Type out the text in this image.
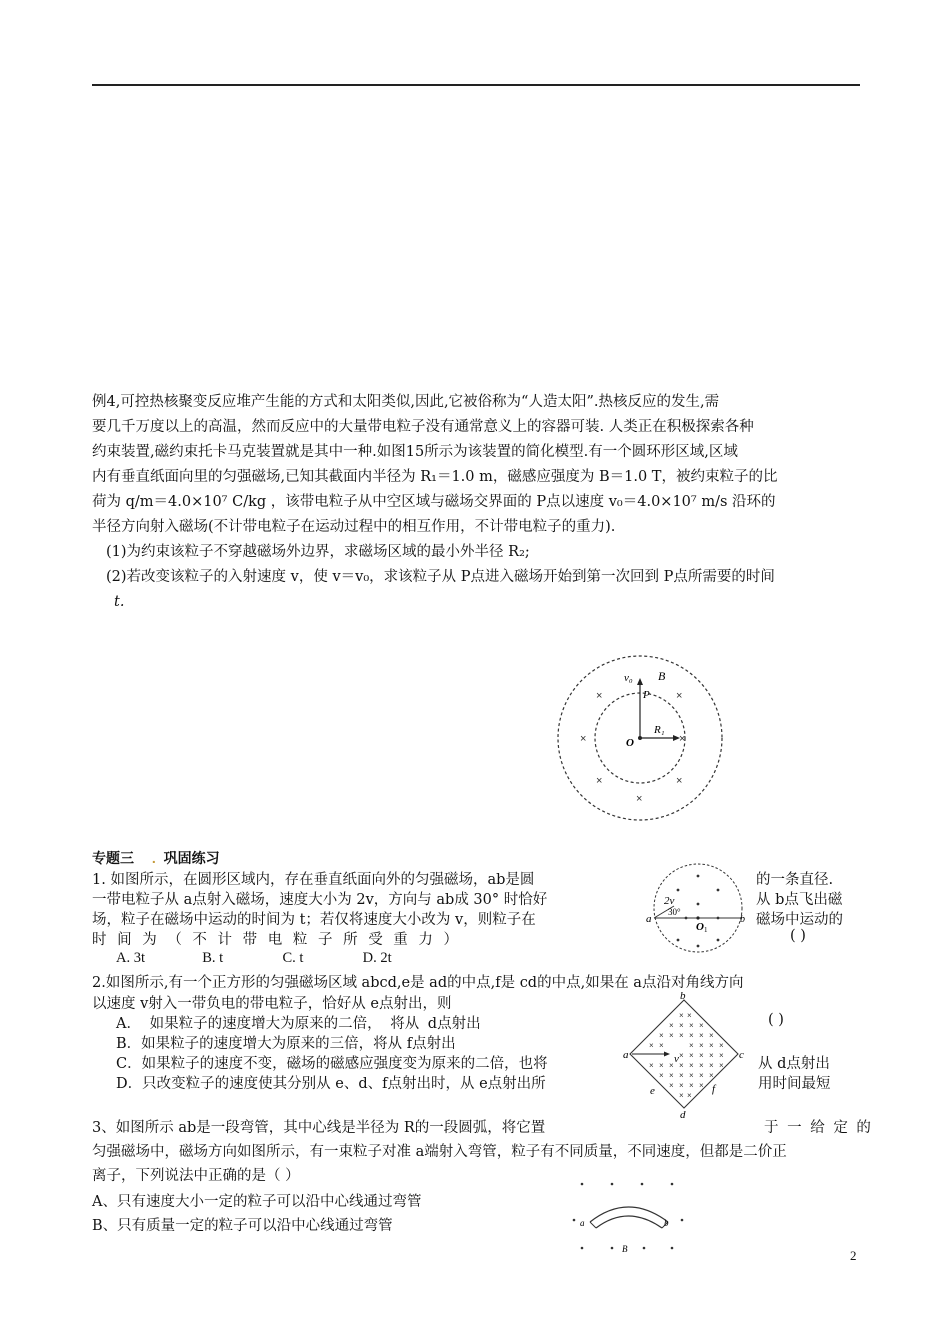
例4,可控热核聚变反应堆产生能的方式和太阳类似,因此,它被俗称为“人造太阳”.热核反应的发生,需
要几千万度以上的高温，然而反应中的大量带电粒子没有通常意义上的容器可装. 人类正在积极探索各种
约束装置,磁约束托卡马克装置就是其中一种.如图15所示为该装置的简化模型.有一个圆环形区域,区域
内有垂直纸面向里的匀强磁场,已知其截面内半径为 R₁＝1.0 m，磁感应强度为 B＝1.0 T，被约束粒子的比
荷为 q/m＝4.0×10⁷ C/kg ，该带电粒子从中空区域与磁场交界面的 P点以速度 v₀＝4.0×10⁷ m/s 沿环的
半径方向射入磁场(不计带电粒子在运动过程中的相互作用，不计带电粒子的重力).
(1)为约束该粒子不穿越磁场外边界，求磁场区域的最小外半径 R₂;
(2)若改变该粒子的入射速度 v，使 v＝v₀，求该粒子从 P点进入磁场开始到第一次回到 P点所需要的时间
t.
v₀
P
B
R₁
O
×	×
×	×
×	×
×
专题三 . 巩固练习
1. 如图所示，在圆形区域内，存在垂直纸面向外的匀强磁场，ab是圆	的一条直径.
一带电粒子从 a点射入磁场，速度大小为 2v，方向与 ab成 30° 时恰好	从 b点飞出磁
场，粒子在磁场中运动的时间为 t；若仅将速度大小改为 v，则粒子在	磁场中运动的
时 间 为 （ 不 计 带 电 粒 子 所 受 重 力 ）	( )
A. 3t	B. t	C. t	D. 2t
a	b
2v
30°
O 1
2.如图所示,有一个正方形的匀强磁场区域 abcd,e是 ad的中点,f是 cd的中点,如果在 a点沿对角线方向
以速度 v射入一带负电的带电粒子，恰好从 e点射出，则
A． 如果粒子的速度增大为原来的二倍， 将从 d点射出	( )
B．如果粒子的速度增大为原来的三倍，将从 f点射出
C．如果粒子的速度不变，磁场的磁感应强度变为原来的二倍，也将	从 d点射出
D．只改变粒子的速度使其分别从 e、d、f点射出时，从 e点射出所	用时间最短
× ×
× × × ×
× × × × × ×
× ×	× × × ×
× × × × ×
× × × × × × × ×
× × × × × ×
× × × ×
× ×
b
a	c
d
e	f
v
3、如图所示 ab是一段弯管，其中心线是半径为 R的一段圆弧，将它置	于 一 给 定 的
匀强磁场中，磁场方向如图所示，有一束粒子对准 a端射入弯管，粒子有不同质量，不同速度，但都是二价正
离子，下列说法中正确的是（ ）
A、只有速度大小一定的粒子可以沿中心线通过弯管
B、只有质量一定的粒子可以沿中心线通过弯管	a	b
B	2
